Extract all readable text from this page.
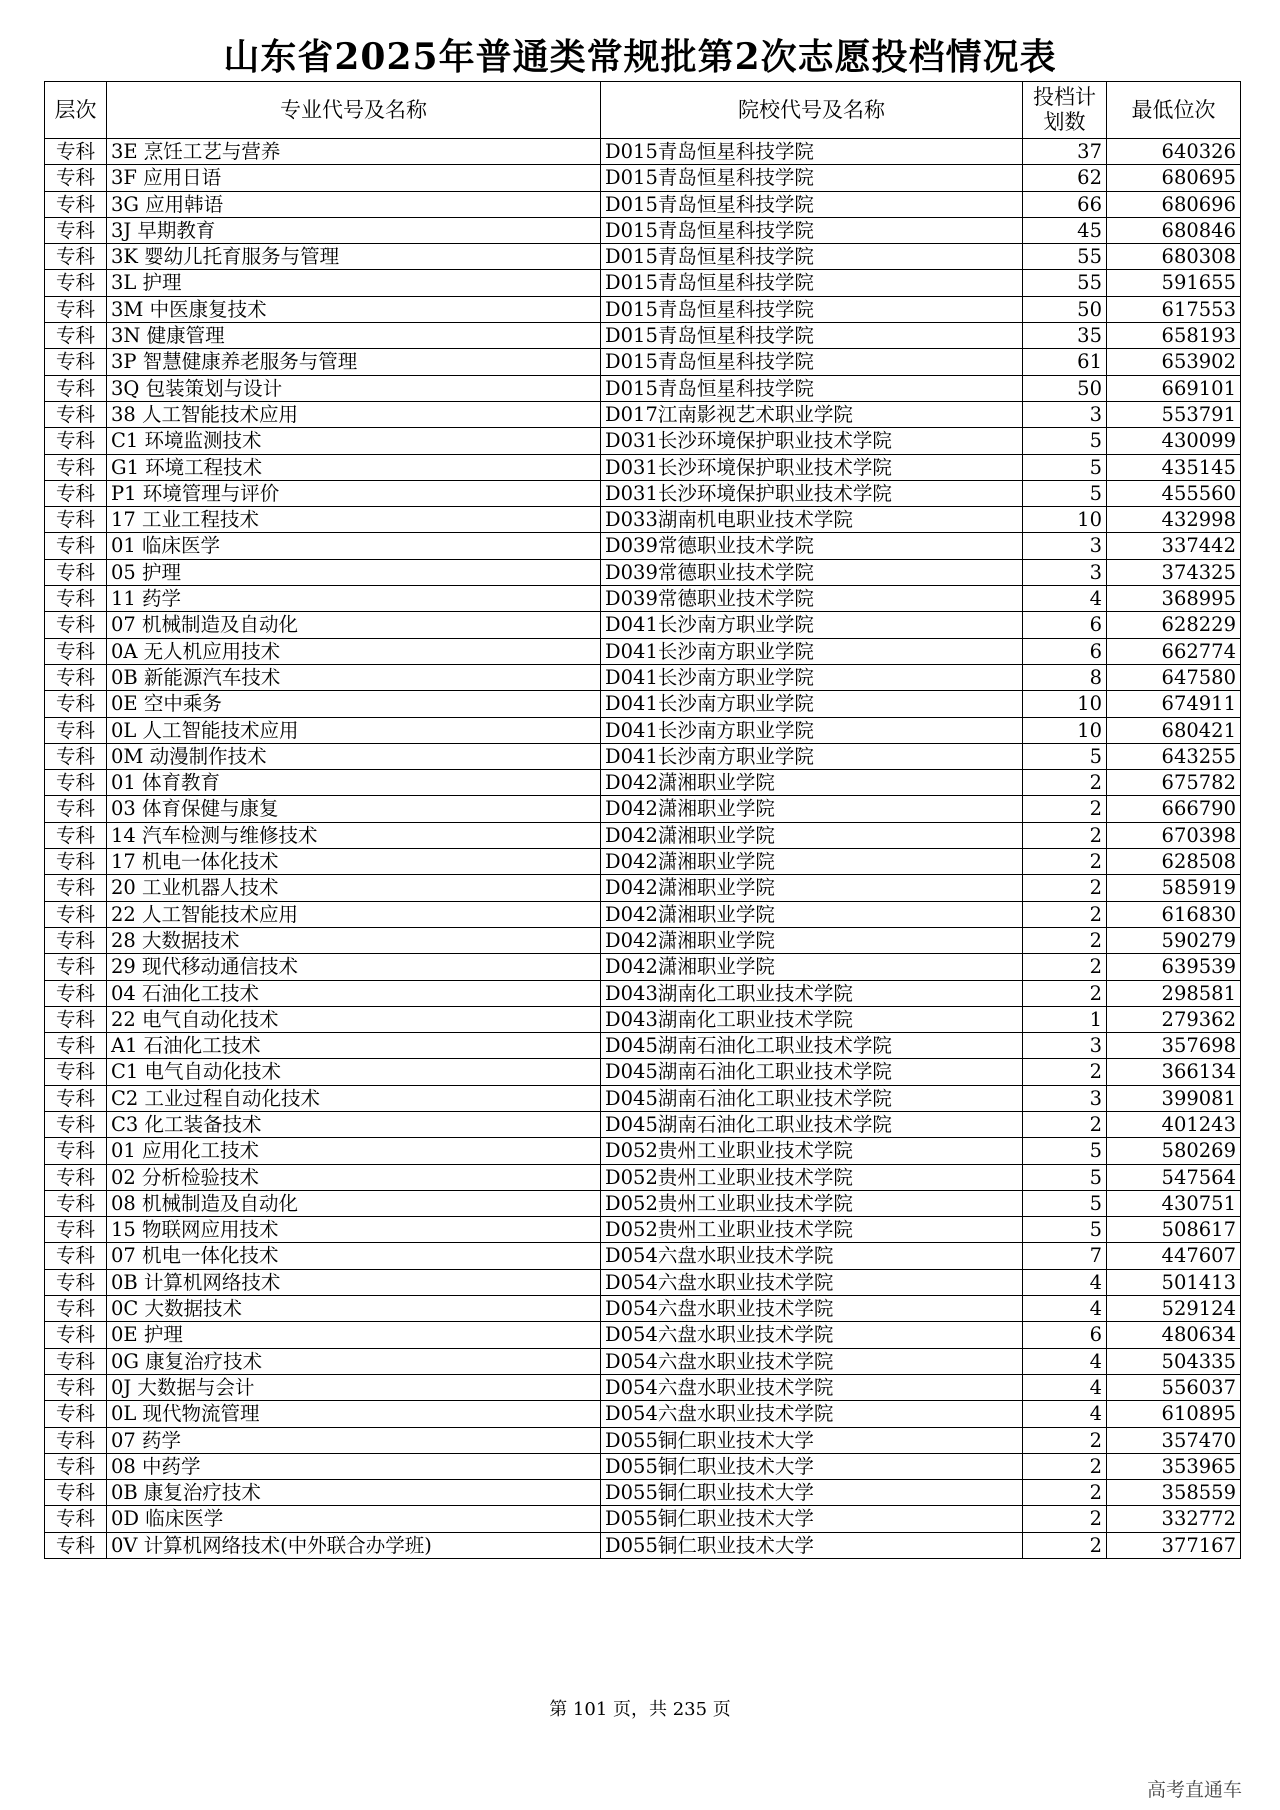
山东省2025年普通类常规批第2次志愿投档情况表
层次	专业代号及名称	院校代号及名称	投档计
划数	最低位次
专科	3E 烹饪工艺与营养	D015青岛恒星科技学院	37	640326
专科	3F 应用日语	D015青岛恒星科技学院	62	680695
专科	3G 应用韩语	D015青岛恒星科技学院	66	680696
专科	3J 早期教育	D015青岛恒星科技学院	45	680846
专科	3K 婴幼儿托育服务与管理	D015青岛恒星科技学院	55	680308
专科	3L 护理	D015青岛恒星科技学院	55	591655
专科	3M 中医康复技术	D015青岛恒星科技学院	50	617553
专科	3N 健康管理	D015青岛恒星科技学院	35	658193
专科	3P 智慧健康养老服务与管理	D015青岛恒星科技学院	61	653902
专科	3Q 包装策划与设计	D015青岛恒星科技学院	50	669101
专科	38 人工智能技术应用	D017江南影视艺术职业学院	3	553791
专科	C1 环境监测技术	D031长沙环境保护职业技术学院	5	430099
专科	G1 环境工程技术	D031长沙环境保护职业技术学院	5	435145
专科	P1 环境管理与评价	D031长沙环境保护职业技术学院	5	455560
专科	17 工业工程技术	D033湖南机电职业技术学院	10	432998
专科	01 临床医学	D039常德职业技术学院	3	337442
专科	05 护理	D039常德职业技术学院	3	374325
专科	11 药学	D039常德职业技术学院	4	368995
专科	07 机械制造及自动化	D041长沙南方职业学院	6	628229
专科	0A 无人机应用技术	D041长沙南方职业学院	6	662774
专科	0B 新能源汽车技术	D041长沙南方职业学院	8	647580
专科	0E 空中乘务	D041长沙南方职业学院	10	674911
专科	0L 人工智能技术应用	D041长沙南方职业学院	10	680421
专科	0M 动漫制作技术	D041长沙南方职业学院	5	643255
专科	01 体育教育	D042潇湘职业学院	2	675782
专科	03 体育保健与康复	D042潇湘职业学院	2	666790
专科	14 汽车检测与维修技术	D042潇湘职业学院	2	670398
专科	17 机电一体化技术	D042潇湘职业学院	2	628508
专科	20 工业机器人技术	D042潇湘职业学院	2	585919
专科	22 人工智能技术应用	D042潇湘职业学院	2	616830
专科	28 大数据技术	D042潇湘职业学院	2	590279
专科	29 现代移动通信技术	D042潇湘职业学院	2	639539
专科	04 石油化工技术	D043湖南化工职业技术学院	2	298581
专科	22 电气自动化技术	D043湖南化工职业技术学院	1	279362
专科	A1 石油化工技术	D045湖南石油化工职业技术学院	3	357698
专科	C1 电气自动化技术	D045湖南石油化工职业技术学院	2	366134
专科	C2 工业过程自动化技术	D045湖南石油化工职业技术学院	3	399081
专科	C3 化工装备技术	D045湖南石油化工职业技术学院	2	401243
专科	01 应用化工技术	D052贵州工业职业技术学院	5	580269
专科	02 分析检验技术	D052贵州工业职业技术学院	5	547564
专科	08 机械制造及自动化	D052贵州工业职业技术学院	5	430751
专科	15 物联网应用技术	D052贵州工业职业技术学院	5	508617
专科	07 机电一体化技术	D054六盘水职业技术学院	7	447607
专科	0B 计算机网络技术	D054六盘水职业技术学院	4	501413
专科	0C 大数据技术	D054六盘水职业技术学院	4	529124
专科	0E 护理	D054六盘水职业技术学院	6	480634
专科	0G 康复治疗技术	D054六盘水职业技术学院	4	504335
专科	0J 大数据与会计	D054六盘水职业技术学院	4	556037
专科	0L 现代物流管理	D054六盘水职业技术学院	4	610895
专科	07 药学	D055铜仁职业技术大学	2	357470
专科	08 中药学	D055铜仁职业技术大学	2	353965
专科	0B 康复治疗技术	D055铜仁职业技术大学	2	358559
专科	0D 临床医学	D055铜仁职业技术大学	2	332772
专科	0V 计算机网络技术(中外联合办学班)	D055铜仁职业技术大学	2	377167
第 101 页，共 235 页
高考直通车
